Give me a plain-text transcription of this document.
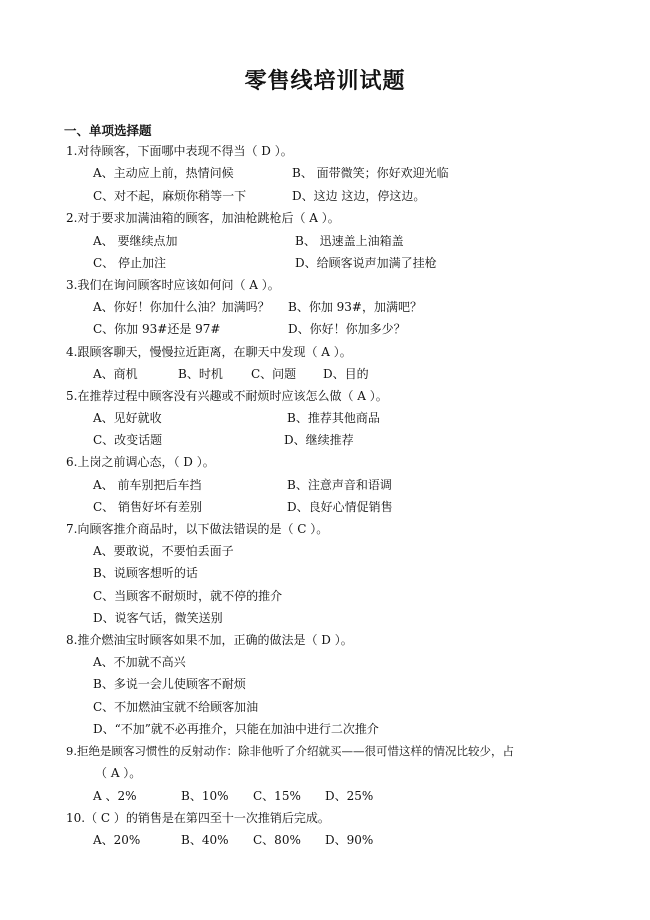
零售线培训试题
一、单项选择题
1.对待顾客，下面哪中表现不得当（ D ）。
A、主动应上前，热情问候	B、 面带微笑；你好欢迎光临
C、对不起，麻烦你稍等一下	D、这边 这边，停这边。
2.对于要求加满油箱的顾客，加油枪跳枪后（ A ）。
A、 要继续点加	B、 迅速盖上油箱盖
C、 停止加注	D、给顾客说声加满了挂枪
3.我们在询问顾客时应该如何问（ A ）。
A、你好！你加什么油？加满吗？ B、你加 93#，加满吧？
C、你加 93#还是 97#	D、你好！你加多少？
4.跟顾客聊天，慢慢拉近距离，在聊天中发现（ A ）。
A、商机	B、时机 C、问题 D、目的
5.在推荐过程中顾客没有兴趣或不耐烦时应该怎么做（ A ）。
A、见好就收	B、推荐其他商品
C、改变话题	D、继续推荐
6.上岗之前调心态，（ D ）。
A、 前车别把后车挡	B、注意声音和语调
C、 销售好坏有差别	D、良好心情促销售
7.向顾客推介商品时，以下做法错误的是（ C ）。
A、要敢说，不要怕丢面子
B、说顾客想听的话
C、当顾客不耐烦时，就不停的推介
D、说客气话，微笑送别
8.推介燃油宝时顾客如果不加，正确的做法是（ D ）。
A、不加就不高兴
B、多说一会儿使顾客不耐烦
C、不加燃油宝就不给顾客加油
D、“不加”就不必再推介，只能在加油中进行二次推介
9.拒绝是顾客习惯性的反射动作：除非他听了介绍就买——很可惜这样的情况比较少，占
（ A ）。
A 、2%	B、10% C、15% D、25%
10.（ C ）的销售是在第四至十一次推销后完成。
A、20%	B、40% C、80% D、90%
